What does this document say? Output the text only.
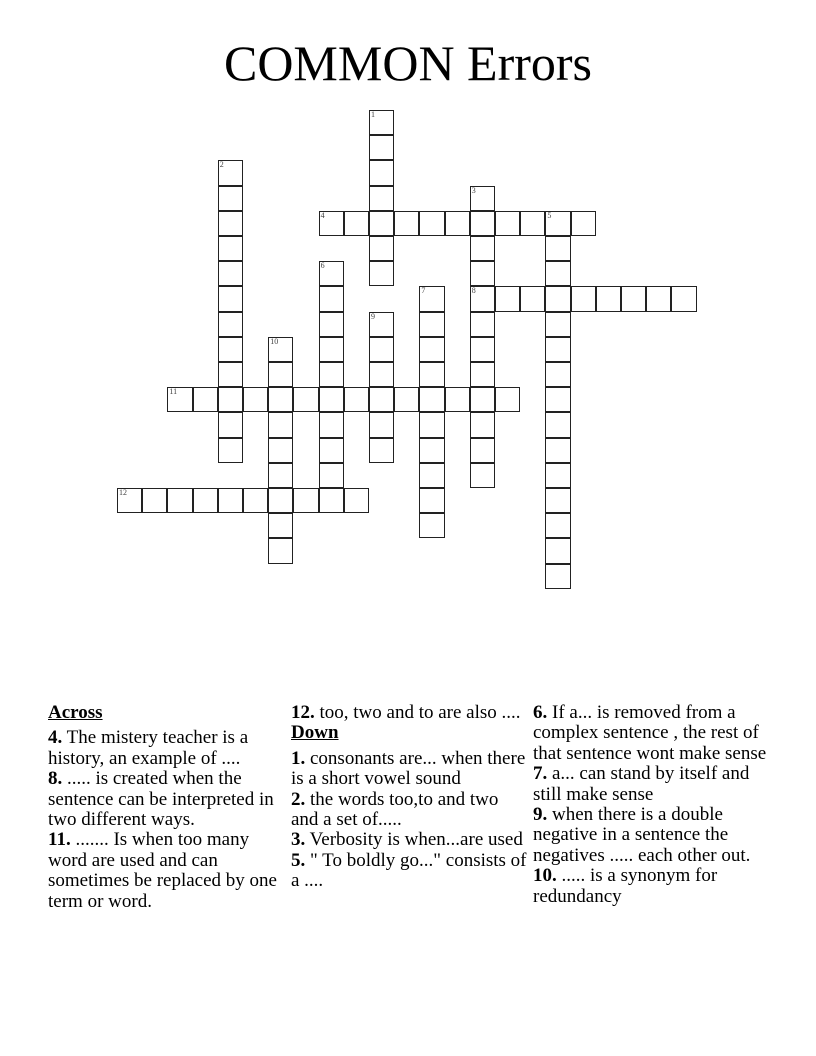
COMMON Errors
1
2
3
8
4	5
6
7
9
10
11
12
Across

4. The mistery teacher is a history, an example of ....

8. ..... is created when the sentence can be interpreted in two different ways.

11. ....... Is when too many word are used and can sometimes be replaced by one term or word.

12. too, two and to are also ....

Down

1. consonants are... when there is a short vowel sound

2. the words too,to and two and a set of.....

3. Verbosity is when...are used

5. " To boldly go..." consists of a ....

6. If a... is removed from a complex sentence , the rest of that sentence wont make sense

7. a... can stand by itself and still make sense

9. when there is a double negative in a sentence the negatives ..... each other out.

10. ..... is a synonym for redundancy
